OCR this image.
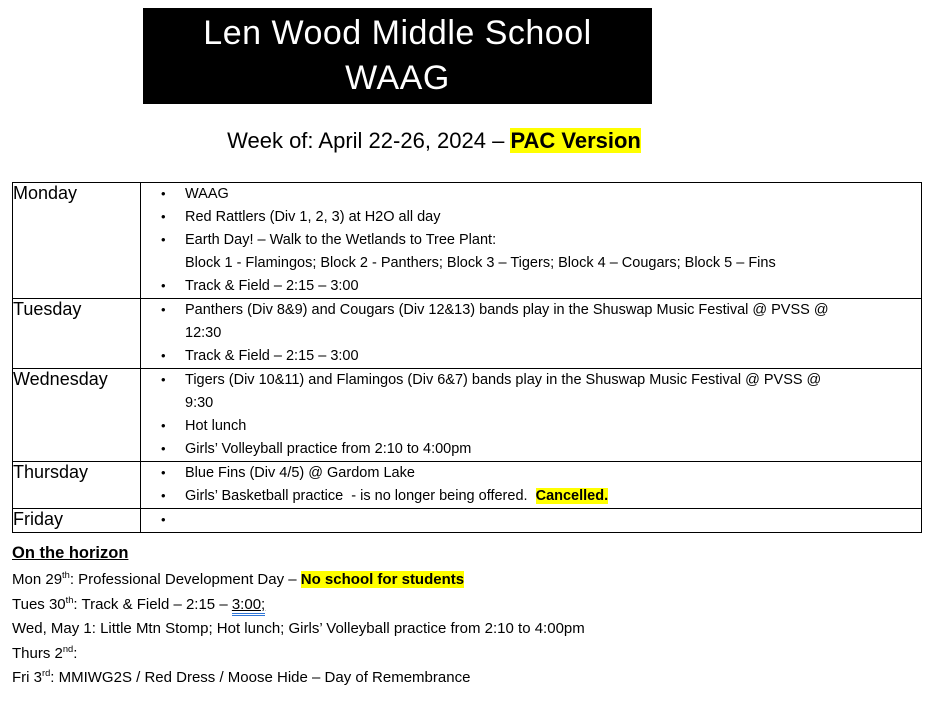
Len Wood Middle School
WAAG
Week of: April 22-26, 2024 – PAC Version
Monday	• WAAG
• Red Rattlers (Div 1, 2, 3) at H2O all day
• Earth Day! – Walk to the Wetlands to Tree Plant:
Block 1 - Flamingos; Block 2 - Panthers; Block 3 – Tigers; Block 4 – Cougars; Block 5 – Fins
• Track & Field – 2:15 – 3:00

Tuesday	• Panthers (Div 8&9) and Cougars (Div 12&13) bands play in the Shuswap Music Festival @ PVSS @
12:30
• Track & Field – 2:15 – 3:00

Wednesday	• Tigers (Div 10&11) and Flamingos (Div 6&7) bands play in the Shuswap Music Festival @ PVSS @
9:30
• Hot lunch
• Girls’ Volleyball practice from 2:10 to 4:00pm

Thursday	• Blue Fins (Div 4/5) @ Gardom Lake
• Girls’ Basketball practice  - is no longer being offered.  Cancelled.

Friday	•
On the horizon
Mon 29th: Professional Development Day – No school for students
Tues 30th: Track & Field – 2:15 – 3:00;
Wed, May 1: Little Mtn Stomp; Hot lunch; Girls’ Volleyball practice from 2:10 to 4:00pm
Thurs 2nd:
Fri 3rd: MMIWG2S / Red Dress / Moose Hide – Day of Remembrance
